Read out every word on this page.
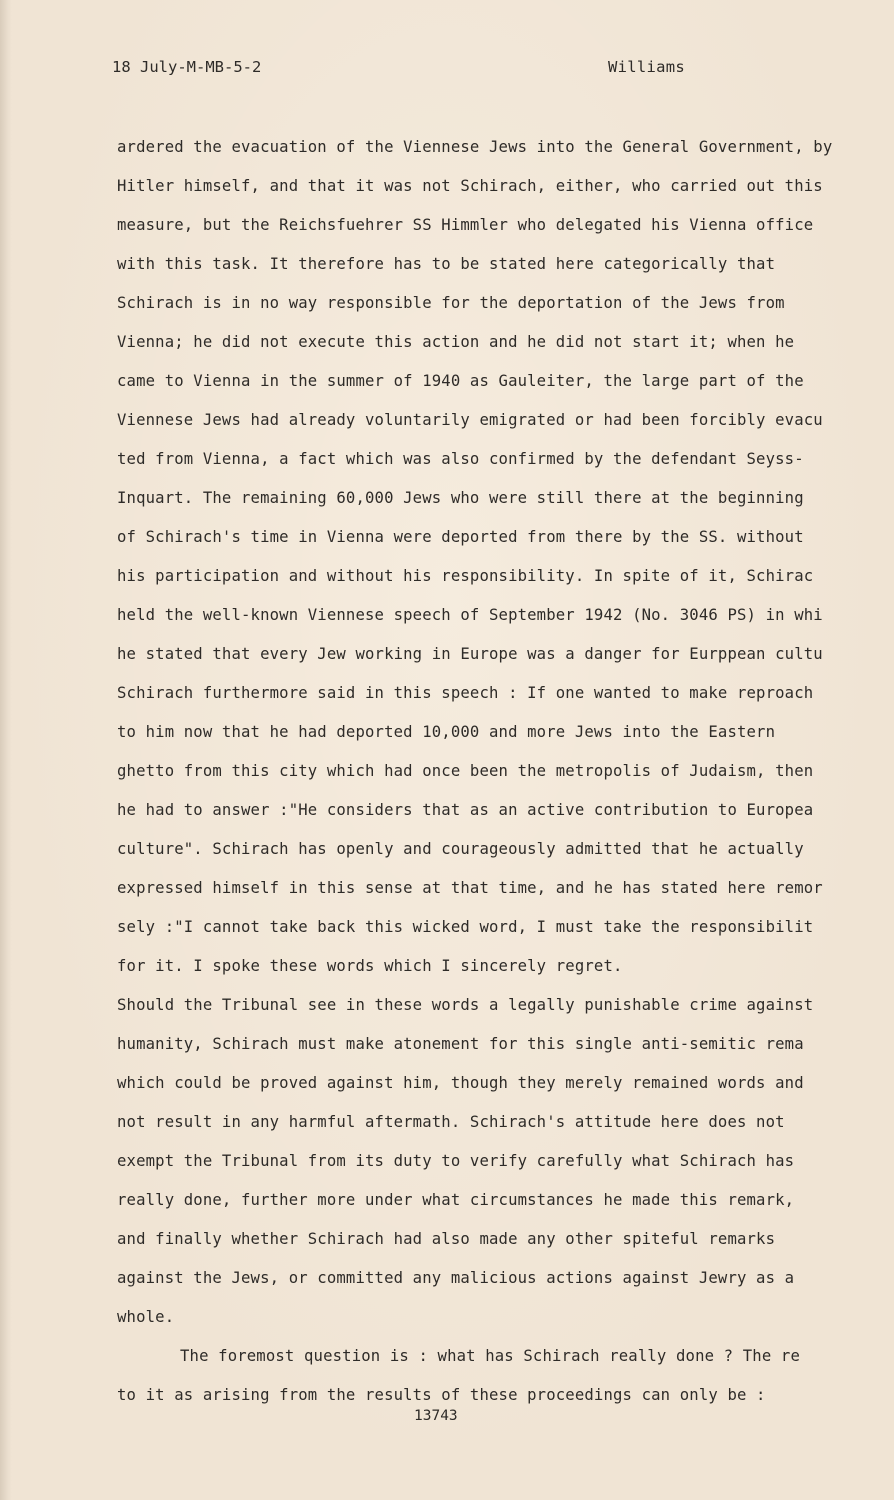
18 July-M-MB-5-2	Williams
ardered the evacuation of the Viennese Jews into the General Government, by
Hitler himself, and that it was not Schirach, either, who carried out this
measure, but the Reichsfuehrer SS Himmler who delegated his Vienna office
with this task. It therefore has to be stated here categorically that
Schirach is in no way responsible for the deportation of the Jews from
Vienna; he did not execute this action and he did not start it; when he
came to Vienna in the summer of 1940 as Gauleiter, the large part of the
Viennese Jews had already voluntarily emigrated or had been forcibly evacu
ted from Vienna, a fact which was also confirmed by the defendant Seyss-
Inquart. The remaining 60,000 Jews who were still there at the beginning
of Schirach's time in Vienna were deported from there by the SS. without
his participation and without his responsibility. In spite of it, Schirac
held the well-known Viennese speech of September 1942 (No. 3046 PS) in whi
he stated that every Jew working in Europe was a danger for Eurppean cultu
Schirach furthermore said in this speech : If one wanted to make reproach
to him now that he had deported 10,000 and more Jews into the Eastern
ghetto from this city which had once been the metropolis of Judaism, then
he had to answer :"He considers that as an active contribution to Europea
culture". Schirach has openly and courageously admitted that he actually
expressed himself in this sense at that time, and he has stated here remor
sely :"I cannot take back this wicked word, I must take the responsibilit
for it. I spoke these words which I sincerely regret.
Should the Tribunal see in these words a legally punishable crime against
humanity, Schirach must make atonement for this single anti-semitic rema
which could be proved against him, though they merely remained words and
not result in any harmful aftermath. Schirach's attitude here does not
exempt the Tribunal from its duty to verify carefully what Schirach has
really done, further more under what circumstances he made this remark,
and finally whether Schirach had also made any other spiteful remarks
against the Jews, or committed any malicious actions against Jewry as a
whole.
The foremost question is : what has Schirach really done ? The re
to it as arising from the results of these proceedings can only be :
13743
